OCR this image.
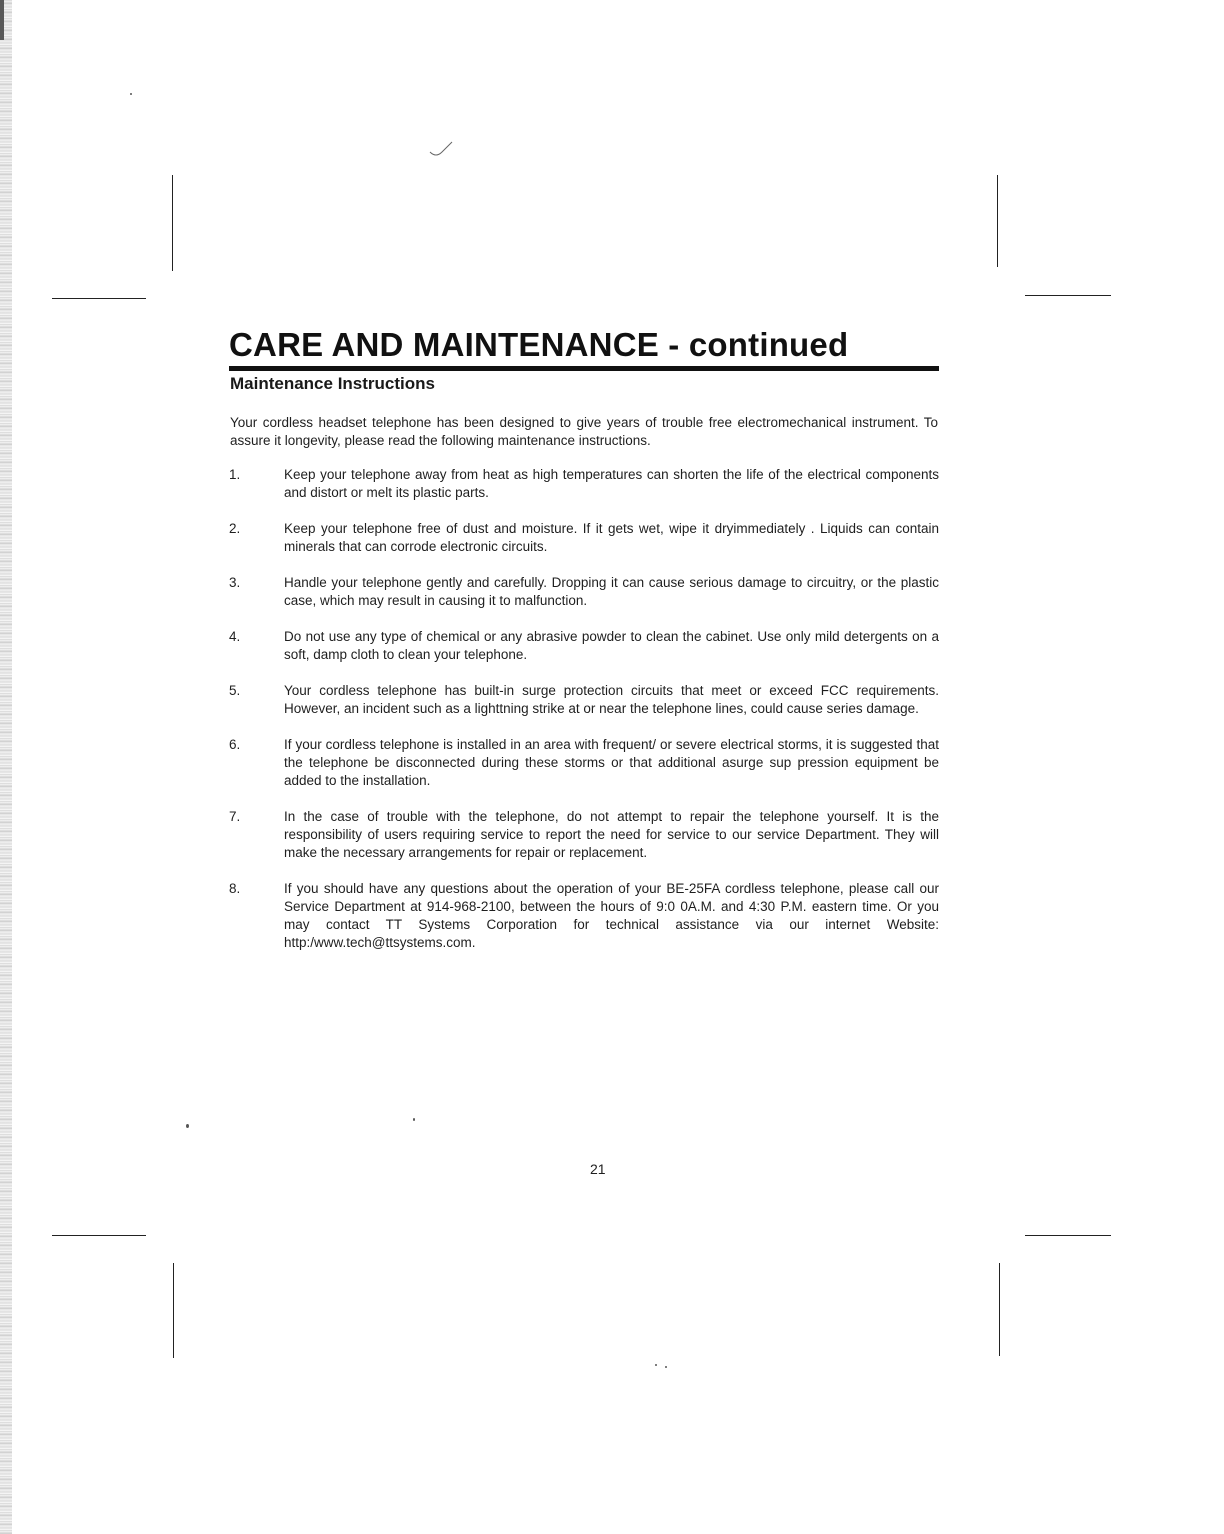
CARE AND MAINTENANCE - continued
Maintenance Instructions

Your cordless headset telephone has been designed to give years of trouble free electromechanical instrument. To assure it longevity, please read the following maintenance instructions.

1.	Keep your telephone away from heat as high temperatures can shorten the life of the electrical components and distort or melt its plastic parts.
2.	Keep your telephone free of dust and moisture. If it gets wet, wipe it dryimmediately . Liquids can contain minerals that can corrode electronic circuits.
3.	Handle your telephone gently and carefully. Dropping it can cause serious damage to circuitry, or the plastic case, which may result in causing it to malfunction.
4.	Do not use any type of chemical or any abrasive powder to clean the cabinet. Use only mild detergents on a soft, damp cloth to clean your telephone.
5.	Your cordless telephone has built-in surge protection circuits that meet or exceed FCC requirements. However, an incident such as a lighttning strike at or near the telephone lines, could cause series damage.
6.	If your cordless telephone is installed in an area with frequent/ or severe electrical storms, it is suggested that the telephone be disconnected during these storms or that additional asurge sup pression equipment be added to the installation.
7.	In the case of trouble with the telephone, do not attempt to repair the telephone yourself. It is the responsibility of users requiring service to report the need for service to our service Department. They will make the necessary arrangements for repair or replacement.
8.	If you should have any questions about the operation of your BE-25FA cordless telephone, please call our Service Department at 914-968-2100, between the hours of 9:0 0A.M. and 4:30 P.M. eastern time. Or you may contact TT Systems Corporation for technical assistance via our internet Website: http:/www.tech@ttsystems.com.
21
